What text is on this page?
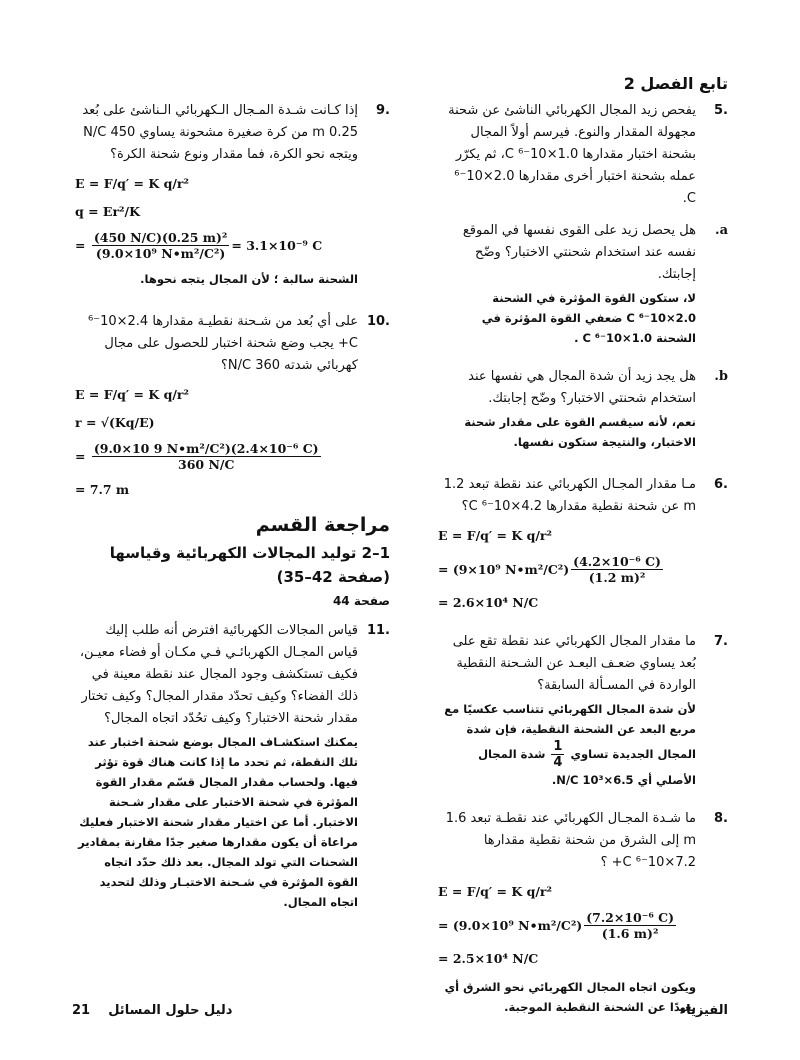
تابع الفصل 2
.5
يفحص زيد المجال الكهربائي الناشئ عن شحنة مجهولة المقدار والنوع. فيرسم أولاً المجال بشحنة اختبار مقدارها 1.0×10⁻⁶ C، ثم يكرّر عمله بشحنة اختبار أخرى مقدارها 2.0×10⁻⁶ C.
a.
هل يحصل زيد على القوى نفسها في الموقع نفسه عند استخدام شحنتي الاختبار؟ وضّح إجابتك.
لا، ستكون القوة المؤثرة في الشحنة 2.0×10⁻⁶ C ضعفي القوة المؤثرة في الشحنة 1.0×10⁻⁶ C .
b.
هل يجد زيد أن شدة المجال هي نفسها عند استخدام شحنتي الاختبار؟ وضّح إجابتك.
نعم، لأنه سيقسم القوة على مقدار شحنة الاختبار، والنتيجة ستكون نفسها.
.6
مـا مقدار المجـال الكهربائي عند نقطة تبعد 1.2 m عن شحنة نقطية مقدارها 4.2×10⁻⁶ C؟
E = F/q′ = K q/r²
= (9×10⁹ N•m²/C²) $\frac{\text{(4.2×10⁻⁶ C)}}{\text{(1.2 m)²}}$
= 2.6×10⁴ N/C
.7
ما مقدار المجال الكهربائي عند نقطة تقع على بُعد يساوي ضعـف البعـد عن الشـحنة النقطية الواردة في المسـألة السابقة؟
لأن شدة المجال الكهربائي تتناسب عكسيًا مع مربع البعد عن الشحنة النقطية، فإن شدة المجال الجديدة تساوي
$\frac{1}{4}$
شدة المجال الأصلي أي 6.5×10³ N/C.
.8
ما شـدة المجـال الكهربائي عند نقطـة تبعد 1.6 m إلى الشرق من شحنة نقطية مقدارها 7.2×10⁻⁶ C+ ؟
E = F/q′ = K q/r²
= (9.0×10⁹ N•m²/C²) $\frac{\text{(7.2×10⁻⁶ C)}}{\text{(1.6 m)²}}$
= 2.5×10⁴ N/C
ويكون اتجاه المجال الكهربائي نحو الشرق أي بعيدًا عن الشحنة النقطية الموجبة.
.9
إذا كـانت شـدة المـجال الـكهربائي الـناشئ على بُعد 0.25 m من كرة صغيرة مشحونة يساوي 450 N/C ويتجه نحو الكرة، فما مقدار ونوع شحنة الكرة؟
E = F/q′ = K q/r²
q = Er²/K
= $\frac{\text{(450 N/C)(0.25 m)²}}{\text{(9.0×10⁹ N•m²/C²)}} = 3.1\times 10^{-9}$ C
الشحنة سالبة ؛ لأن المجال يتجه نحوها.
.10
على أي بُعد من شـحنة نقطيـة مقدارها 2.4×10⁻⁶ C+ يجب وضع شحنة اختبار للحصول على مجال كهربائي شدته 360 N/C؟
E = F/q′ = K q/r²
r = √(Kq/E)
= $\frac{\text{(9.0×10 9 N•m²/C²)(2.4×10⁻⁶ C)}}{360 N/C}$
= 7.7 m
مراجعة القسم
1–2 توليد المجالات الكهربائية وقياسها
(صفحة 42–35)
صفحة 44
.11
قياس المجالات الكهربائية افترض أنه طلب إليك قياس المجـال الكهربائـي فـي مكـان أو فضاء معيـن، فكيف تستكشف وجود المجال عند نقطة معينة في ذلك الفضاء؟ وكيف تحدّد مقدار المجال؟ وكيف تختار مقدار شحنة الاختبار؟ وكيف تحُدّد اتجاه المجال؟
يمكنك استكشـاف المجال بوضع شحنة اختبار عند تلك النقطة، ثم تحدد ما إذا كانت هناك قوة تؤثر فيها. ولحساب مقدار المجال قسّم مقدار القوة المؤثرة في شحنة الاختبار على مقدار شـحنة الاختبار. أما عن اختيار مقدار شحنة الاختبار فعليك مراعاة أن يكون مقدارها صغير جدًا مقارنة بمقادير الشحنات التي تولد المجال. بعد ذلك حدّد اتجاه القوة المؤثرة في شـحنة الاختبـار وذلك لتحديد اتجاه المجال.
الفيزياء
دليل حلول المسائل    21
